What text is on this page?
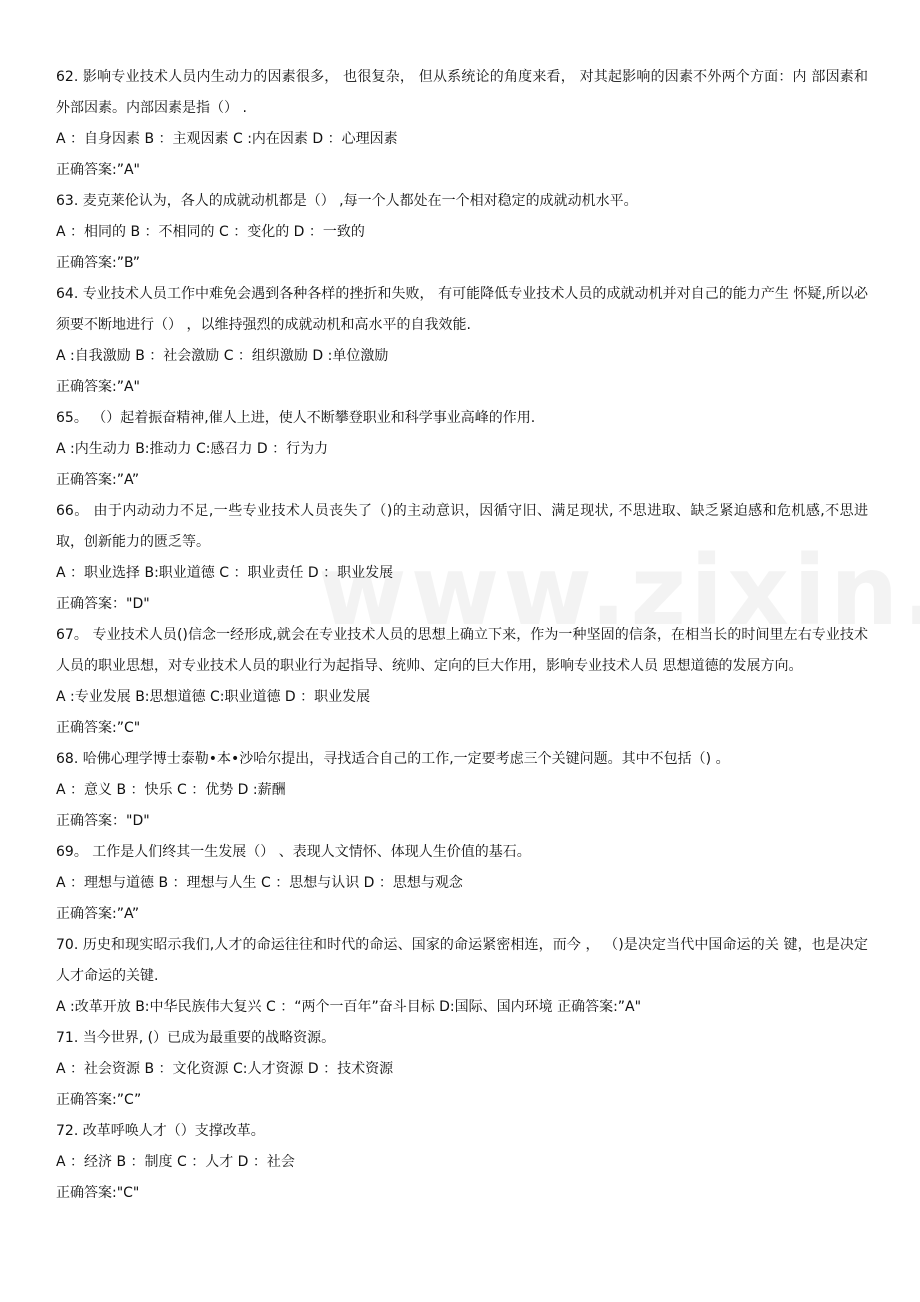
62. 影响专业技术人员内生动力的因素很多， 也很复杂， 但从系统论的角度来看， 对其起影响的因素不外两个方面：内 部因素和外部因素。内部因素是指（） .
A ：自身因素 B ：主观因素 C :内在因素 D ：心理因素
正确答案:”A"
63. 麦克莱伦认为，各人的成就动机都是（） ,每一个人都处在一个相对稳定的成就动机水平。
A ：相同的 B ：不相同的 C ：变化的 D ：一致的
正确答案:”B”
64. 专业技术人员工作中难免会遇到各种各样的挫折和失败， 有可能降低专业技术人员的成就动机并对自己的能力产生 怀疑,所以必须要不断地进行（） ，以维持强烈的成就动机和高水平的自我效能.
A :自我激励 B ：社会激励 C ：组织激励 D :单位激励
正确答案:”A"
65。 （）起着振奋精神,催人上进，使人不断攀登职业和科学事业高峰的作用.
A :内生动力 B:推动力 C:感召力 D ：行为力
正确答案:”A”
66。 由于内动动力不足,一些专业技术人员丧失了（)的主动意识，因循守旧、满足现状, 不思进取、缺乏紧迫感和危机感,不思进取，创新能力的匮乏等。
A ：职业选择 B:职业道德 C ：职业责任 D ：职业发展
正确答案："D"
67。 专业技术人员()信念一经形成,就会在专业技术人员的思想上确立下来，作为一种坚固的信条，在相当长的时间里左右专业技术人员的职业思想，对专业技术人员的职业行为起指导、统帅、定向的巨大作用，影响专业技术人员 思想道德的发展方向。
A :专业发展 B:思想道德 C:职业道德 D ：职业发展
正确答案:”C"
68. 哈佛心理学博士泰勒•本•沙哈尔提出，寻找适合自己的工作,一定要考虑三个关键问题。其中不包括（) 。
A ：意义 B ：快乐 C ：优势 D :薪酬
正确答案："D"
69。 工作是人们终其一生发展（） 、表现人文情怀、体现人生价值的基石。
A ：理想与道德 B ：理想与人生 C ：思想与认识 D ：思想与观念
正确答案:”A”
70. 历史和现实昭示我们,人才的命运往往和时代的命运、国家的命运紧密相连，而今 ， （)是决定当代中国命运的关 键，也是决定人才命运的关键.
A :改革开放 B:中华民族伟大复兴 C ：“两个一百年”奋斗目标 D:国际、国内环境 正确答案:”A"
71. 当今世界, (）已成为最重要的战略资源。
A ：社会资源 B ：文化资源 C:人才资源 D ：技术资源
正确答案:”C”
72. 改革呼唤人才（）支撑改革。
A ：经济 B ：制度 C ：人才 D ：社会
正确答案:"C"
